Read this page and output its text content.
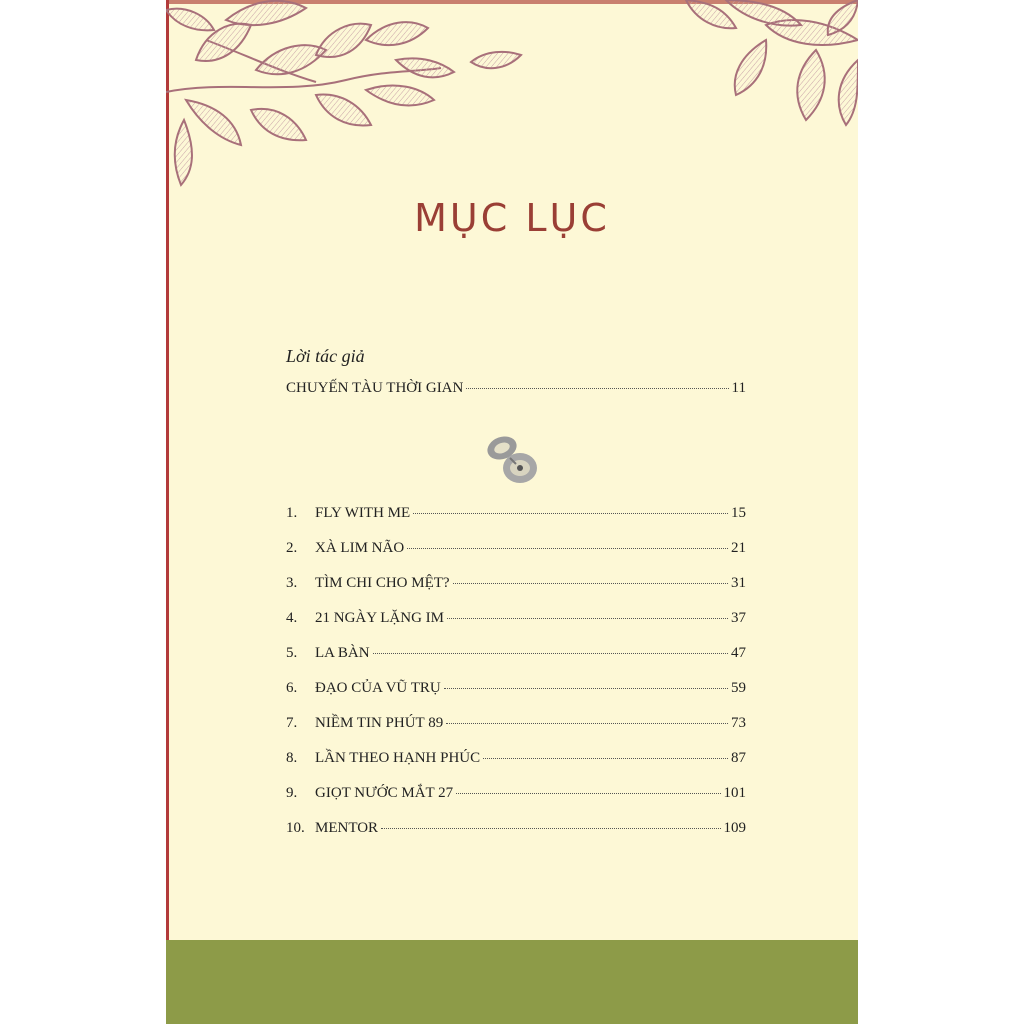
MỤC LỤC
Lời tác giả
CHUYẾN TÀU THỜI GIAN	11
1.	FLY WITH ME	15
2.	XÀ LIM NÃO	21
3.	TÌM CHI CHO MỆT?	31
4.	21 NGÀY LẶNG IM	37
5.	LA BÀN	47
6.	ĐẠO CỦA VŨ TRỤ	59
7.	NIỀM TIN PHÚT 89	73
8.	LẦN THEO HẠNH PHÚC	87
9.	GIỌT NƯỚC MẮT 27	101
10. MENTOR	109
